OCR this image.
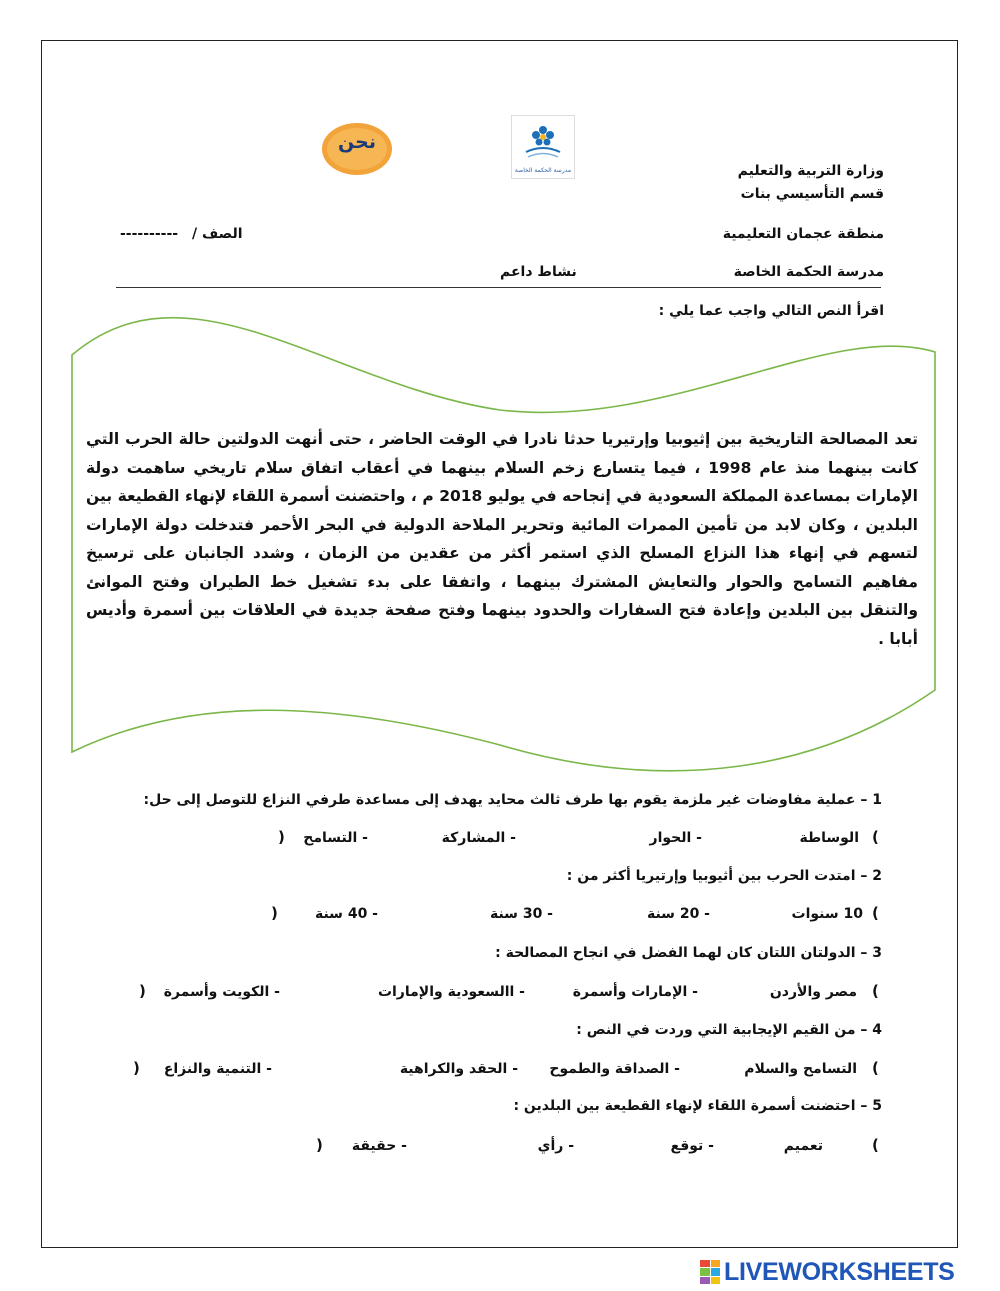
وزارة التربية والتعليم
قسم التأسيسي بنات
منطقة عجمان التعليمية
مدرسة الحكمة الخاصة
نشاط داعم
الصف /
----------
اقرأ النص التالي واجب عما يلي :
مدرسة الحكمة الخاصة
نحن
تعد المصالحة التاريخية بين إثيوبيا وإرتيريا حدثا نادرا في الوقت الحاضر ، حتى أنهت الدولتين حالة الحرب التي كانت بينهما منذ عام 1998 ، فيما يتسارع زخم السلام بينهما في أعقاب اتفاق سلام تاريخي ساهمت دولة الإمارات بمساعدة المملكة السعودية في إنجاحه في يوليو 2018 م ، واحتضنت أسمرة اللقاء لإنهاء القطيعة بين البلدين ، وكان لابد من تأمين الممرات المائية وتحرير الملاحة الدولية في البحر الأحمر فتدخلت دولة الإمارات لتسهم في إنهاء هذا النزاع المسلح الذي استمر أكثر من عقدين من الزمان ، وشدد الجانبان على ترسيخ مفاهيم التسامح والحوار والتعايش المشترك بينهما ، واتفقا على بدء تشغيل خط الطيران وفتح الموانئ والتنقل بين البلدين وإعادة فتح السفارات والحدود بينهما وفتح صفحة جديدة في العلاقات بين أسمرة وأديس أبابا .
1 – عملية مفاوضات غير ملزمة يقوم بها طرف ثالث محايد يهدف إلى مساعدة طرفي النزاع للتوصل إلى حل:
(
الوساطة
- الحوار
- المشاركة
- التسامح
)
2 – امتدت الحرب بين أثيوبيا وإرتيريا أكثر من :
(
10 سنوات
- 20 سنة
- 30 سنة
- 40 سنة
)
3 – الدولتان اللتان كان لهما الفضل في انجاح المصالحة :
(
مصر والأردن
- الإمارات وأسمرة
- االسعودية والإمارات
- الكويت وأسمرة
)
4 – من القيم الإيجابية التي وردت في النص :
(
التسامح والسلام
- الصداقة والطموح
- الحقد والكراهية
- التنمية والنزاع
)
5 – احتضنت أسمرة اللقاء لإنهاء القطيعة بين البلدين :
(
تعميم
- توقع
- رأي
- حقيقة
)
LIVEWORKSHEETS
